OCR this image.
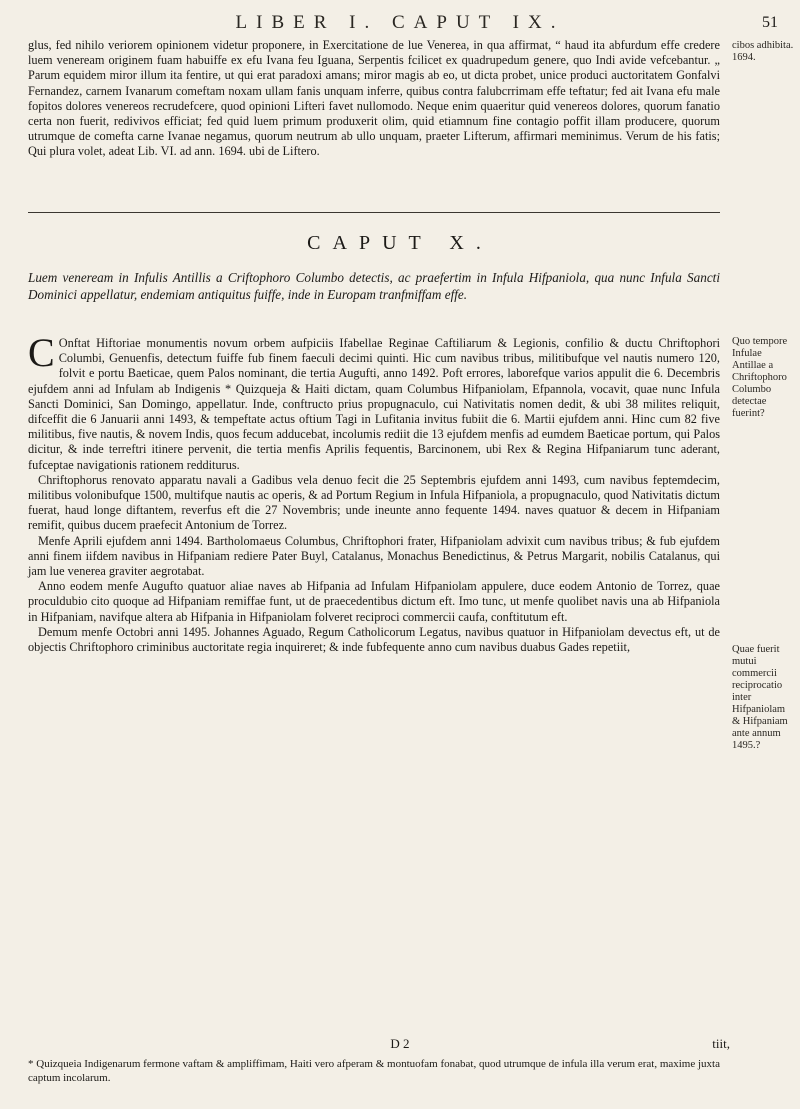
LIBER I. CAPUT IX.	51

glus, fed nihilo veriorem opinionem videtur proponere, in Exercitatione de lue Venerea, in qua affirmat, “ haud ita abfurdum effe credere luem veneream originem fuam habuiffe ex efu Ivana feu Iguana, Serpentis fcilicet ex quadrupedum genere, quo Indi avide vefcebantur. „ Parum equidem miror illum ita fentire, ut qui erat paradoxi amans; miror magis ab eo, ut dicta probet, unice produci auctoritatem Gonfalvi Fernandez, carnem Ivanarum comeftam noxam ullam fanis unquam inferre, quibus contra falubcrrimam effe teftatur; fed ait Ivana efu male fopitos dolores venereos recrudefcere, quod opinioni Lifteri favet nullomodo. Neque enim quaeritur quid venereos dolores, quorum fanatio certa non fuerit, redivivos efficiat; fed quid luem primum produxerit olim, quid etiamnum fine contagio poffit illam producere, quorum utrumque de comefta carne Ivanae negamus, quorum neutrum ab ullo unquam, praeter Lifterum, affirmari meminimus. Verum de his fatis; Qui plura volet, adeat Lib. VI. ad ann. 1694. ubi de Liftero.

cibos adhibita. 1694.
CAPUT X.
Luem veneream in Infulis Antillis a Criftophoro Columbo detectis, ac praefertim in Infula Hifpaniola, qua nunc Infula Sancti Dominici appellatur, endemiam antiquitus fuiffe, inde in Europam tranfmiffam effe.

C Onftat Hiftoriae monumentis novum orbem aufpiciis Ifabellae Reginae Caftiliarum & Legionis, confilio & ductu Chriftophori Columbi, Genuenfis, detectum fuiffe fub finem faeculi decimi quinti. Hic cum navibus tribus, militibufque vel nautis numero 120, folvit e portu Baeticae, quem Palos nominant, die tertia Augufti, anno 1492. Poft errores, laborefque varios appulit die 6. Decembris ejufdem anni ad Infulam ab Indigenis * Quizqueja & Haiti dictam, quam Columbus Hifpaniolam, Efpannola, vocavit, quae nunc Infula Sancti Dominici, San Domingo, appellatur. Inde, conftructo prius propugnaculo, cui Nativitatis nomen dedit, & ubi 38 milites reliquit, difceffit die 6 Januarii anni 1493, & tempeftate actus oftium Tagi in Lufitania invitus fubiit die 6. Martii ejufdem anni. Hinc cum 82 five militibus, five nautis, & novem Indis, quos fecum adducebat, incolumis rediit die 13 ejufdem menfis ad eumdem Baeticae portum, qui Palos dicitur, & inde terreftri itinere pervenit, die tertia menfis Aprilis fequentis, Barcinonem, ubi Rex & Regina Hifpaniarum tunc aderant, fufceptae navigationis rationem redditurus.

Chriftophorus renovato apparatu navali a Gadibus vela denuo fecit die 25 Septembris ejufdem anni 1493, cum navibus feptemdecim, militibus volonibufque 1500, multifque nautis ac operis, & ad Portum Regium in Infula Hifpaniola, a propugnaculo, quod Nativitatis dictum fuerat, haud longe diftantem, reverfus eft die 27 Novembris; unde ineunte anno fequente 1494. naves quatuor & decem in Hifpaniam remifit, quibus ducem praefecit Antonium de Torrez.

Menfe Aprili ejufdem anni 1494. Bartholomaeus Columbus, Chriftophori frater, Hifpaniolam advixit cum navibus tribus; & fub ejufdem anni finem iifdem navibus in Hifpaniam rediere Pater Buyl, Catalanus, Monachus Benedictinus, & Petrus Margarit, nobilis Catalanus, qui jam lue venerea graviter aegrotabat.

Anno eodem menfe Augufto quatuor aliae naves ab Hifpania ad Infulam Hifpaniolam appulere, duce eodem Antonio de Torrez, quae proculdubio cito quoque ad Hifpaniam remiffae funt, ut de praecedentibus dictum eft. Imo tunc, ut menfe quolibet navis una ab Hifpaniola in Hifpaniam, navifque altera ab Hifpania in Hifpaniolam folveret reciproci commercii caufa, conftitutum eft.

Demum menfe Octobri anni 1495. Johannes Aguado, Regum Catholicorum Legatus, navibus quatuor in Hifpaniolam devectus eft, ut de objectis Chriftophoro criminibus auctoritate regia inquireret; & inde fubfequente anno cum navibus duabus Gades repetiit,

Quo tempore Infulae Antillae a Chriftophoro Columbo detectae fuerint?
Quae fuerit mutui commercii reciprocatio inter Hifpaniolam & Hifpaniam ante annum 1495.?
D 2	tiit,
* Quizqueia Indigenarum fermone vaftam & ampliffimam, Haiti vero afperam & montuofam fonabat, quod utrumque de infula illa verum erat, maxime juxta captum incolarum.
